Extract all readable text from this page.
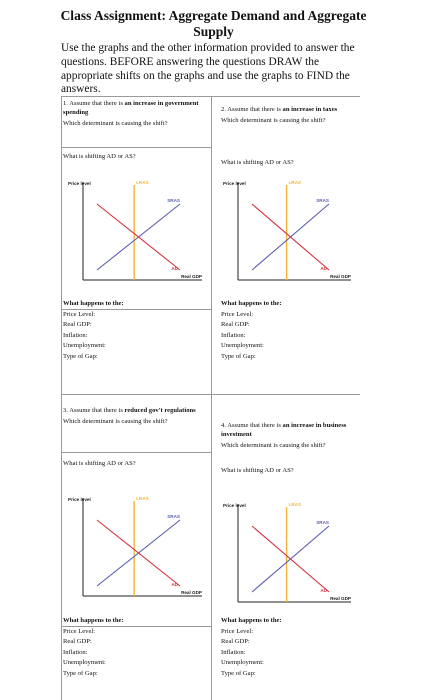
Class Assignment: Aggregate Demand and Aggregate
Supply
Use the graphs and the other information provided to answer the questions. BEFORE answering the questions DRAW the appropriate shifts on the graphs and use the graphs to FIND the answers.
1. Assume that there is an increase in government spending
Which determinant is causing the shift?
What is shifting AD or AS?
2. Assume that there is an increase in taxes
Which determinant is causing the shift?
What is shifting AD or AS?
3. Assume that there is reduced gov't regulations
Which determinant is causing the shift?
What is shifting AD or AS?
4. Assume that there is an increase in business investment
Which determinant is causing the shift?
What is shifting AD or AS?
Price level	LRAS
SRAS
AD
Real GDP
Price level	LRAS
SRAS
AD
Real GDP
Price level	LRAS
SRAS
AD
Real GDP
Price level	LRAS
SRAS
AD
Real GDP
What happens to the:
Price Level:
Real GDP:
Inflation:
Unemployment:
Type of Gap:
What happens to the:
Price Level:
Real GDP:
Inflation:
Unemployment:
Type of Gap:
What happens to the:
Price Level:
Real GDP:
Inflation:
Unemployment:
Type of Gap:
What happens to the:
Price Level:
Real GDP:
Inflation:
Unemployment:
Type of Gap:
